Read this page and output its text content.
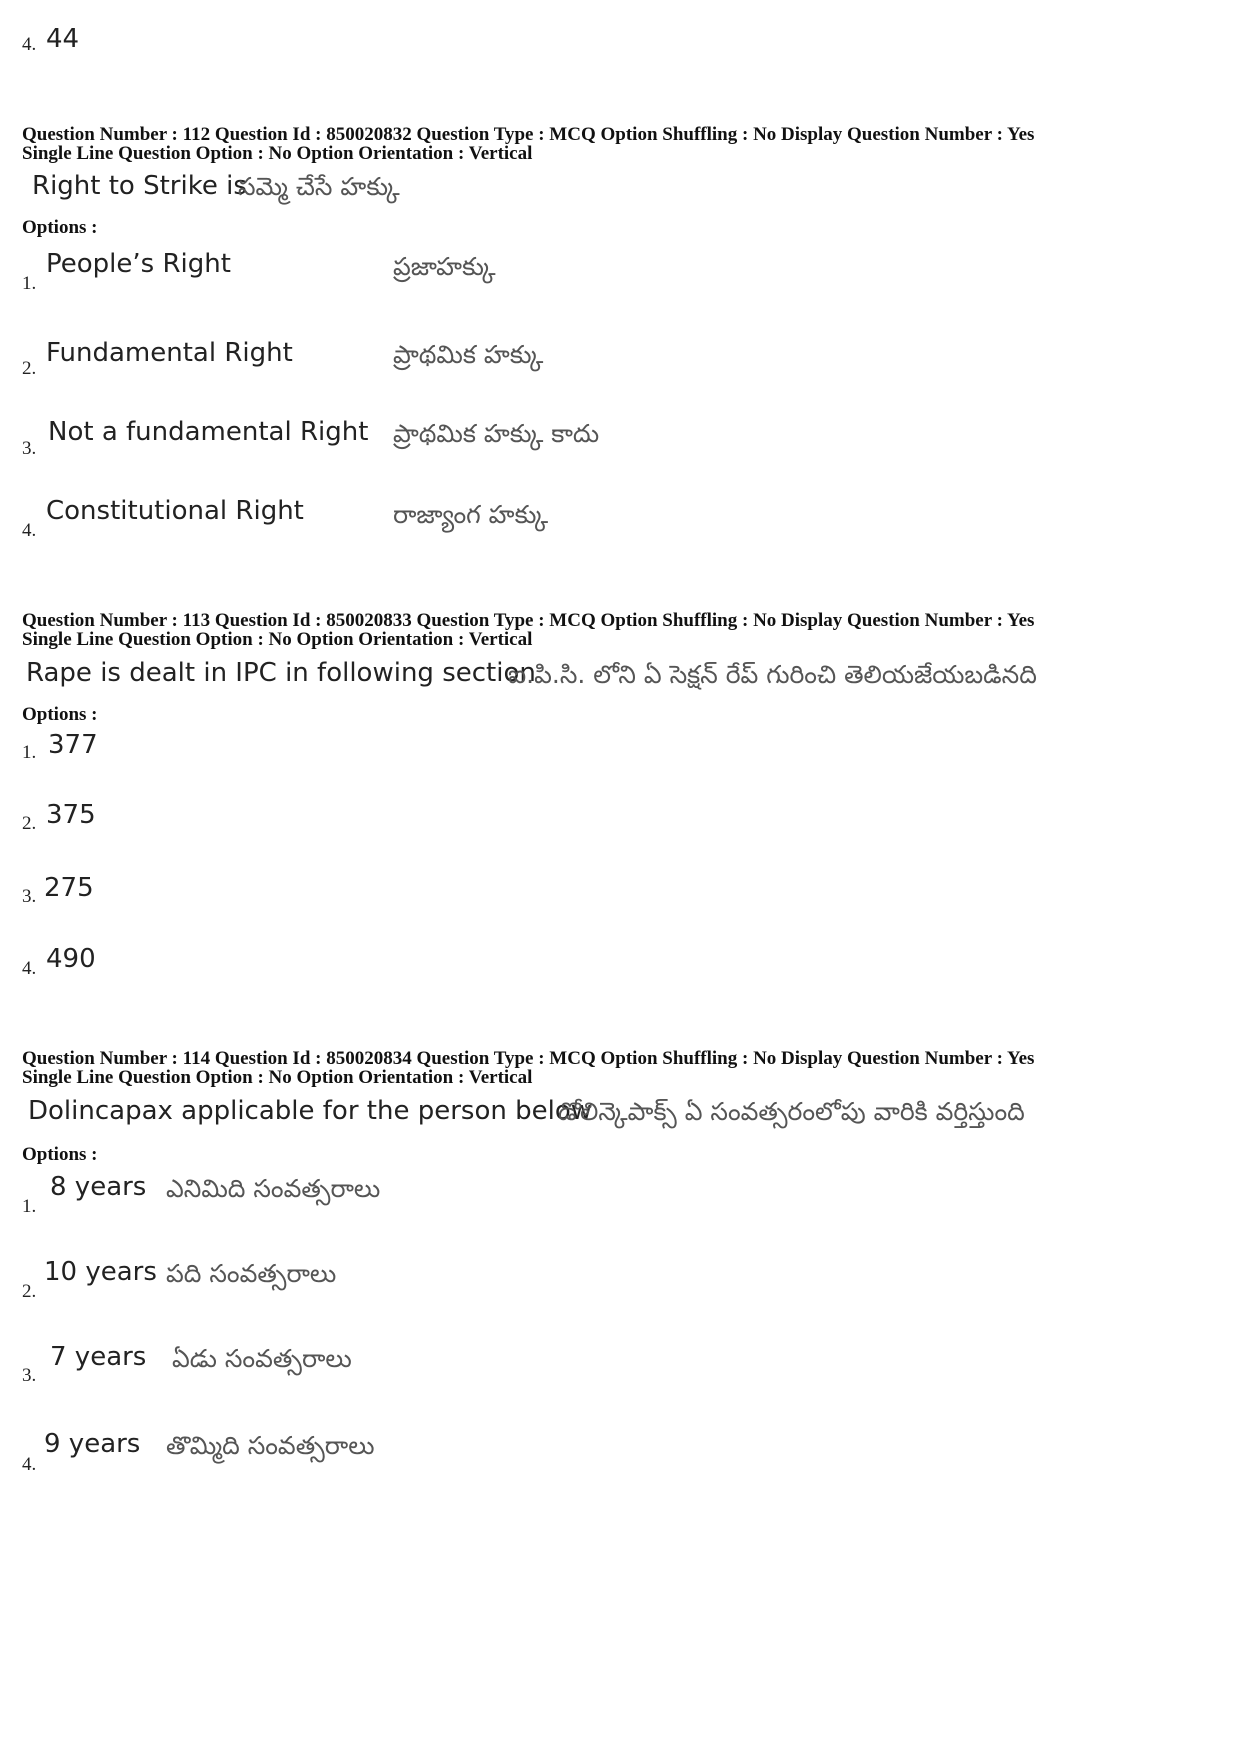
4. 44
Question Number : 112 Question Id : 850020832 Question Type : MCQ Option Shuffling : No Display Question Number : Yes
Single Line Question Option : No Option Orientation : Vertical
Right to Strike is
సమ్మె చేసే హక్కు
Options :
1.
People’s Right	ప్రజాహక్కు
2.
Fundamental Right	ప్రాథమిక హక్కు
3.
Not a fundamental Right ప్రాథమిక హక్కు కాదు
4.
Constitutional Right	రాజ్యాంగ హక్కు
Question Number : 113 Question Id : 850020833 Question Type : MCQ Option Shuffling : No Display Question Number : Yes
Single Line Question Option : No Option Orientation : Vertical
Rape is dealt in IPC in following section
ఐ.పి.సి. లోని ఏ సెక్షన్ రేప్ గురించి తెలియజేయబడినది
Options :
1. 377
2. 375
3. 275
4. 490
Question Number : 114 Question Id : 850020834 Question Type : MCQ Option Shuffling : No Display Question Number : Yes
Single Line Question Option : No Option Orientation : Vertical
Dolincapax applicable for the person below
డోలిన్కెపాక్స్ ఏ సంవత్సరంలోపు వారికి వర్తిస్తుంది
Options :
1.
8 years ఎనిమిది సంవత్సరాలు
2.
10 years పది సంవత్సరాలు
3.
7 years ఏడు సంవత్సరాలు
4.
9 years తొమ్మిది సంవత్సరాలు
